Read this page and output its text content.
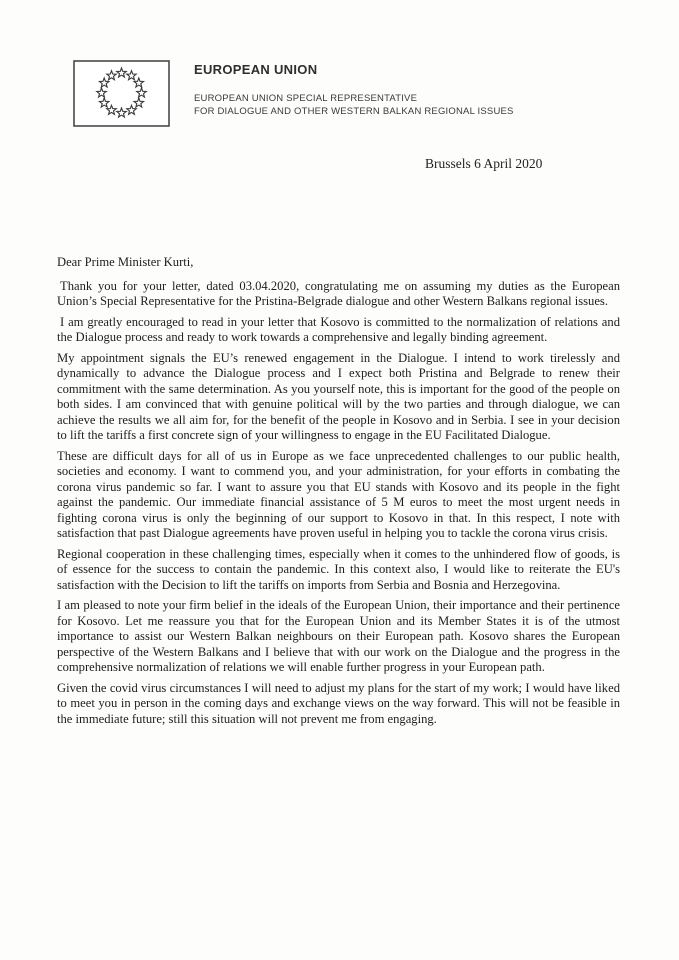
EUROPEAN UNION
EUROPEAN UNION SPECIAL REPRESENTATIVE
FOR DIALOGUE AND OTHER WESTERN BALKAN REGIONAL ISSUES
Brussels 6 April 2020

Dear Prime Minister Kurti,

Thank you for your letter, dated 03.04.2020, congratulating me on assuming my duties as the European Union’s Special Representative for the Pristina-Belgrade dialogue and other Western Balkans regional issues.

I am greatly encouraged to read in your letter that Kosovo is committed to the normalization of relations and the Dialogue process and ready to work towards a comprehensive and legally binding agreement.

My appointment signals the EU’s renewed engagement in the Dialogue. I intend to work tirelessly and dynamically to advance the Dialogue process and I expect both Pristina and Belgrade to renew their commitment with the same determination. As you yourself note, this is important for the good of the people on both sides. I am convinced that with genuine political will by the two parties and through dialogue, we can achieve the results we all aim for, for the benefit of the people in Kosovo and in Serbia. I see in your decision to lift the tariffs a first concrete sign of your willingness to engage in the EU Facilitated Dialogue.

These are difficult days for all of us in Europe as we face unprecedented challenges to our public health, societies and economy. I want to commend you, and your administration, for your efforts in combating the corona virus pandemic so far. I want to assure you that EU stands with Kosovo and its people in the fight against the pandemic. Our immediate financial assistance of 5 M euros to meet the most urgent needs in fighting corona virus is only the beginning of our support to Kosovo in that. In this respect, I note with satisfaction that past Dialogue agreements have proven useful in helping you to tackle the corona virus crisis.

Regional cooperation in these challenging times, especially when it comes to the unhindered flow of goods, is of essence for the success to contain the pandemic. In this context also, I would like to reiterate the EU's satisfaction with the Decision to lift the tariffs on imports from Serbia and Bosnia and Herzegovina.

I am pleased to note your firm belief in the ideals of the European Union, their importance and their pertinence for Kosovo. Let me reassure you that for the European Union and its Member States it is of the utmost importance to assist our Western Balkan neighbours on their European path. Kosovo shares the European perspective of the Western Balkans and I believe that with our work on the Dialogue and the progress in the comprehensive normalization of relations we will enable further progress in your European path.

Given the covid virus circumstances I will need to adjust my plans for the start of my work; I would have liked to meet you in person in the coming days and exchange views on the way forward. This will not be feasible in the immediate future; still this situation will not prevent me from engaging.
